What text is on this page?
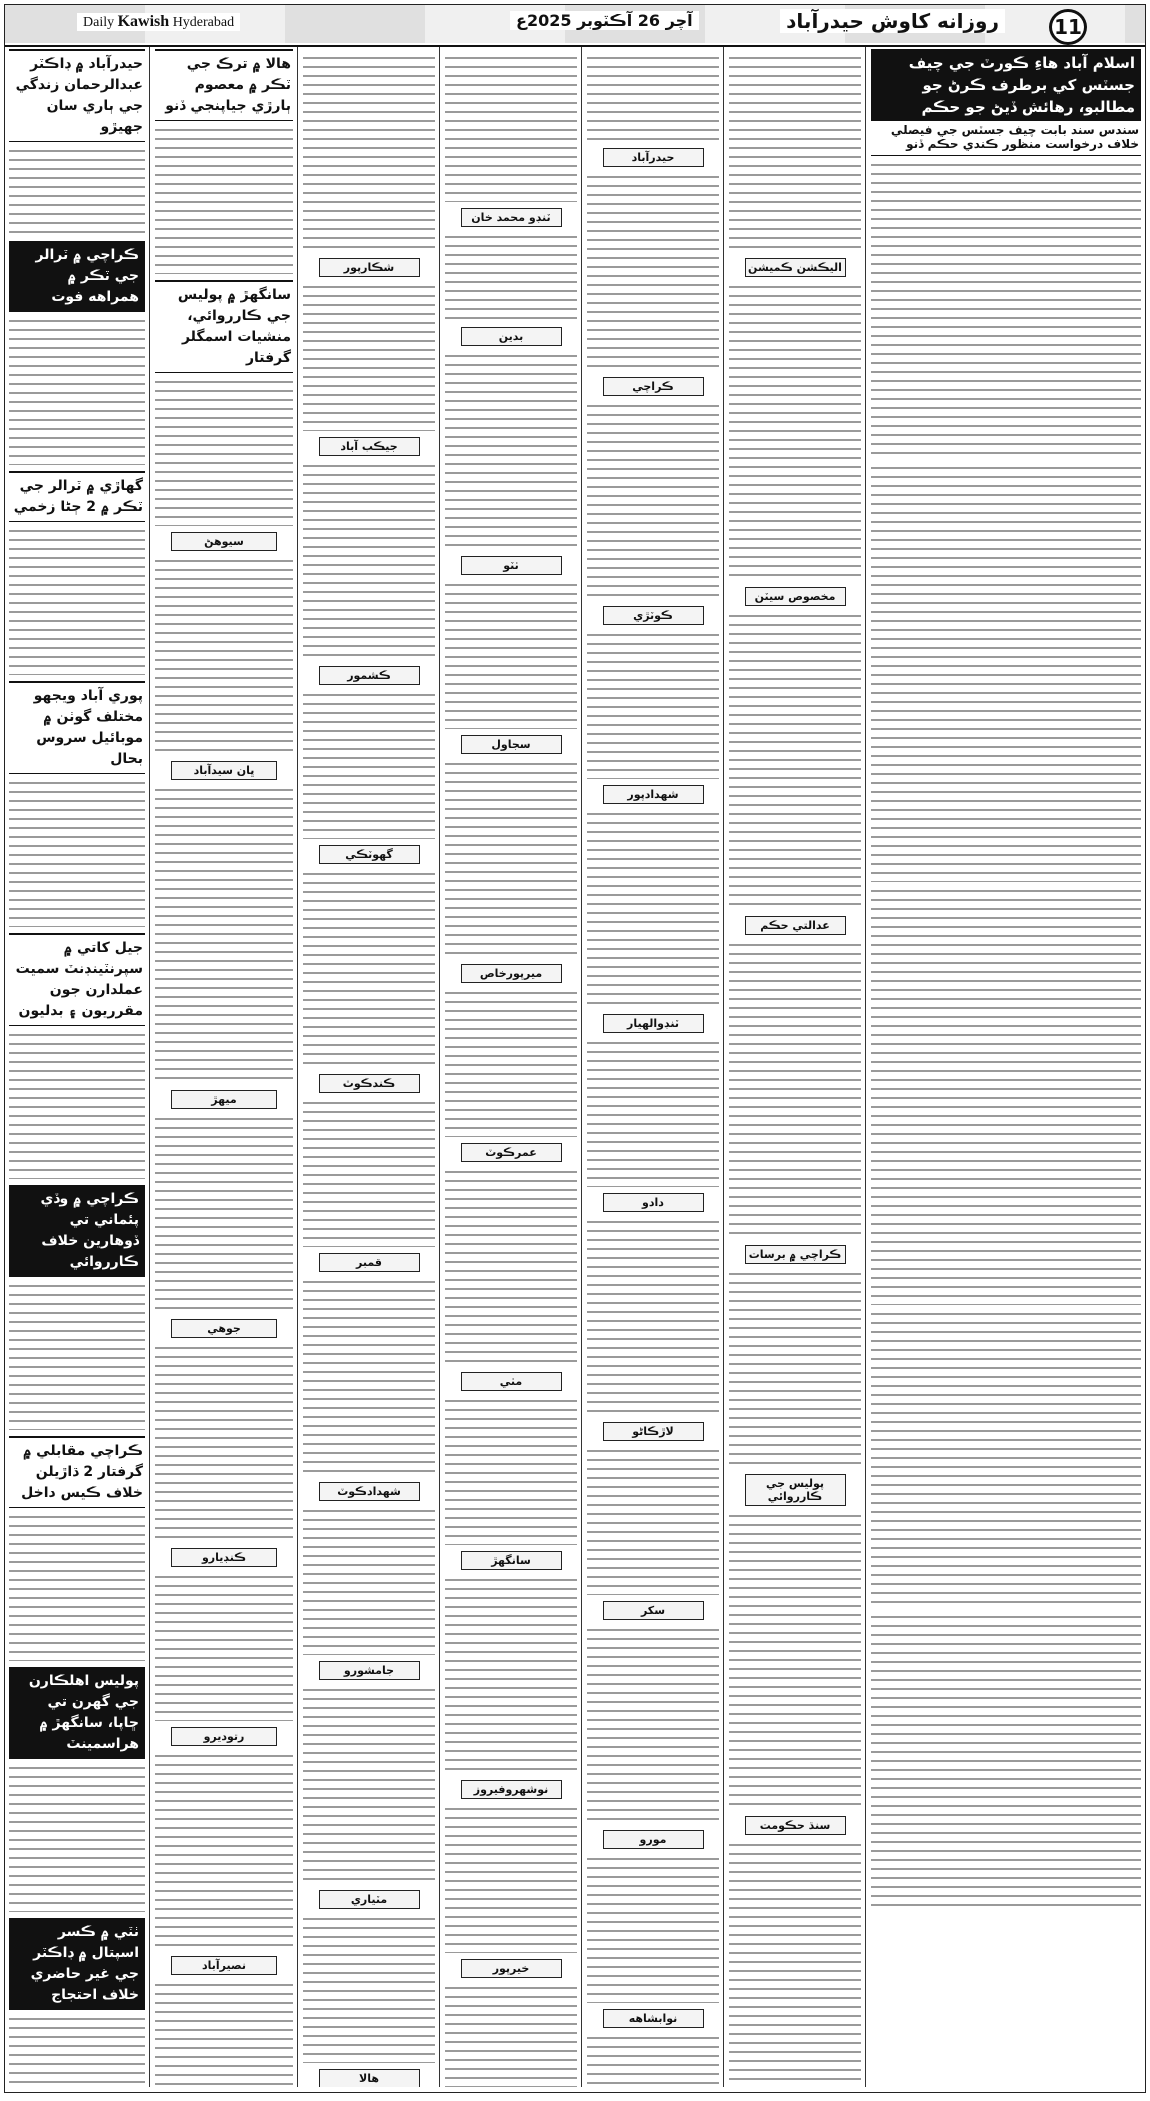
11
روزانه کاوش حيدرآباد
آچر 26 آڪٽوبر 2025ع
Daily Kawish Hyderabad
اسلام آباد هاءِ ڪورٽ جي چيف جسٽس کي برطرف ڪرڻ جو مطالبو، رهائش ڏيڻ جو حڪم
سندس سند بابت چيف جسٽس جي فيصلي خلاف درخواست منظور ڪندي حڪم ڏنو
اليڪشن ڪميشن
مخصوص سيٽن
عدالتي حڪم
ڪراچي ۾ برسات
پوليس جي ڪارروائي
سنڌ حڪومت
حيدرآباد
ڪراچي
ڪوٽڙي
شهدادپور
ٽنڊوالهيار
دادو
لاڙڪاڻو
سکر
مورو
نوابشاهه
ٽنڊو محمد خان
بدين
ٺٽو
سجاول
ميرپورخاص
عمرڪوٽ
مٺي
سانگهڙ
نوشهروفيروز
خيرپور
شڪارپور
جيڪب آباد
ڪشمور
گهوٽڪي
ڪندڪوٽ
قمبر
شهدادڪوٽ
جامشورو
مٽياري
هالا
هالا ۾ ترڪ جي ٽڪر ۾ معصوم ٻارڙي جياپنجي ڏنو
سانگهڙ ۾ پوليس جي ڪارروائي، منشيات اسمگلر گرفتار
سيوهڻ
ڀان سيدآباد
ميهڙ
جوهي
ڪنڊيارو
رتوديرو
نصيرآباد
حيدرآباد ۾ ڊاڪٽر عبدالرحمان زندگي جي ٻاري سان جهيڙو
ڪراچي ۾ ٽرالر جي ٽڪر ۾ همراهه فوت
گهاڙي ۾ ٽرالر جي ٽڪر ۾ 2 ڄڻا زخمي
پوري آباد ويجهو مختلف گوٺن ۾ موبائيل سروس بحال
جيل کاتي ۾ سپرنٽينڊنٽ سميت عملدارن جون مقرريون ۽ بدليون
ڪراچي ۾ وڏي پئماني تي ڏوهارين خلاف ڪارروائي
ڪراچي مقابلي ۾ گرفتار 2 ڌاڙيلن خلاف ڪيس داخل
پوليس اهلڪارن جي گهرن تي ڇاپا، سانگهڙ ۾ هراسمينٽ
ٺٽي ۾ ڪسر اسپتال ۾ ڊاڪٽر جي غير حاضري خلاف احتجاج
